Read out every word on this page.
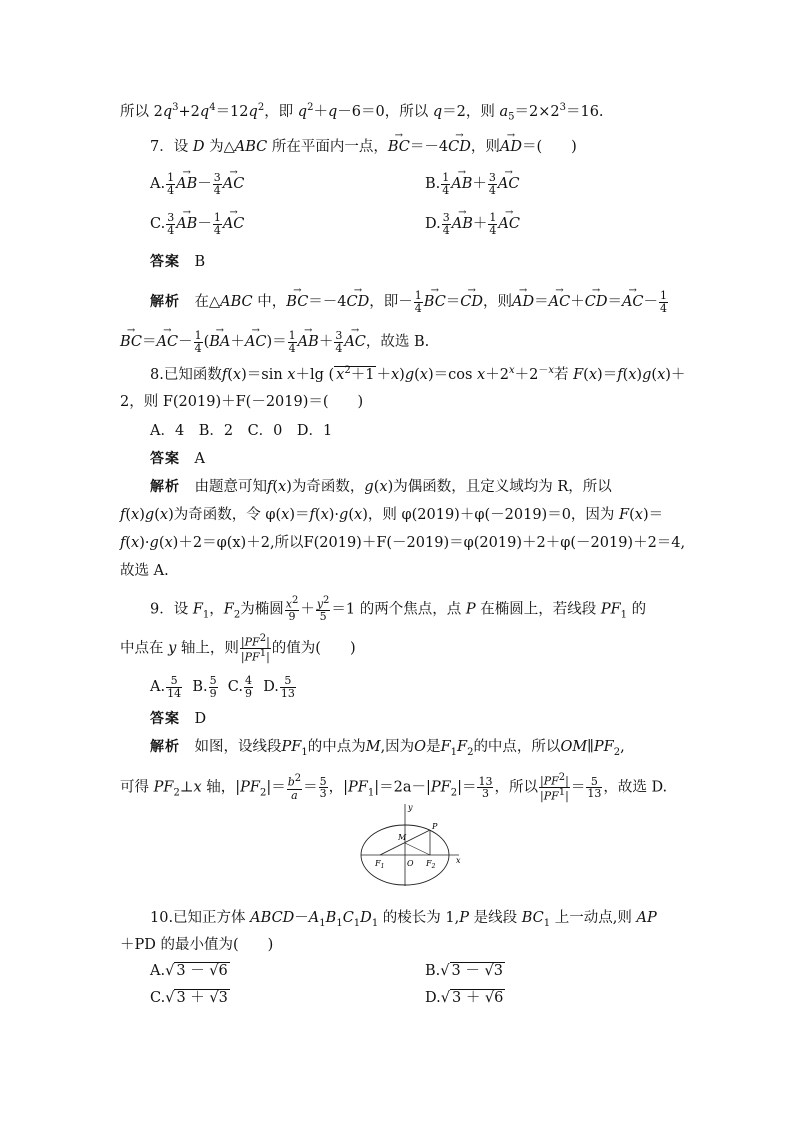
所以 $2q^3+2q^4=12q^2$，即 $q^2+q-6=0$，所以 q＝2，则 $a_5=2\times 2^3=16$.
7．设 D 为△ABC 所在平面内一点，→ BC＝－4→ CD，则→ AD＝(　　)
A. $\frac{1}{4}$
→ $AB- \frac{3}{4}$
→ AC	B. $\frac{1}{4}$
→ $AB+ \frac{3}{4}$
→ AC
C. $\frac{3}{4}$
→ $AB- \frac{1}{4}$
→ AC	D. $\frac{3}{4}$
→ $AB+ \frac{1}{4}$
→ AC
答案　 B
解析　 在△ABC 中，→ BC＝－4→ CD，即－ $\frac{1}{4}$
→ BC＝→ CD，则→ $AD=\to AC+\to CD=\to AC- \frac{1}{4}$
→ $BC=\to AC- \frac{1}{4}$ (→ $BA+\to AC)= \frac{1}{4}$
→ $AB+ \frac{3}{4}$
→ AC，故选 B.
8.已知函数f(x)＝sin x＋lg ( $x^2+1 +x)g(x)=\cos$ $x+2^x+2^{-x}$若 F(x)＝f(x)g(x)＋
2，则 F(2019)＋F(－2019)＝(　　)
A．4　B．2　C．0　D．1
答案　 A
解析　 由题意可知f(x)为奇函数，g(x)为偶函数，且定义域均为 R，所以
f(x)g(x)为奇函数，令 φ(x)＝f(x)·g(x)，则 φ(2019)＋φ(－2019)＝0，因为 F(x)＝
f(x)·g(x)＋2＝φ(x)＋2,所以F(2019)＋F(－2019)＝φ(2019)＋2＋φ(－2019)＋2＝4,
故选 A.
9．设 $F_1$，$F_2$为椭圆 $\frac{x^2}{9} + \frac{y^2}{5} =1$ 的两个焦点，点 P 在椭圆上，若线段 $PF_1$ 的
中点在 y 轴上，则 $\frac{|PF^2|}{|PF^1|}$ 的值为(　　)
A. $\frac{5}{14} B$. $\frac{5}{9} C$. $\frac{4}{9} D$. $\frac{5}{13}$
答案　 D
解析　 如图，设线段$PF_1$的中点为M,因为O是$F_1F_2$的中点，所以$OM\parallel PF_2$,
可得 $PF_2\perp x$ 轴，$|PF_2|= \frac{b^2}{a} = \frac{5}{3}$ ，$|PF_1|=2a-|PF_2|= \frac{13}{3}$ ，所以 $\frac{|PF^2|}{|PF^1|} = \frac{5}{13}$ ，故选 D.
y
x
M
P
$F_1$	O $F_2$
10.已知正方体 $ABCD-A_1B_1C_1D_1$ 的棱长为 1,P 是线段 $BC_1$ 上一动点,则 AP
＋PD 的最小值为(　　)
A.√ 3 － √6	B.√ 3 － √3
C.√ 3 ＋ √3	D.√ 3 ＋ √6
